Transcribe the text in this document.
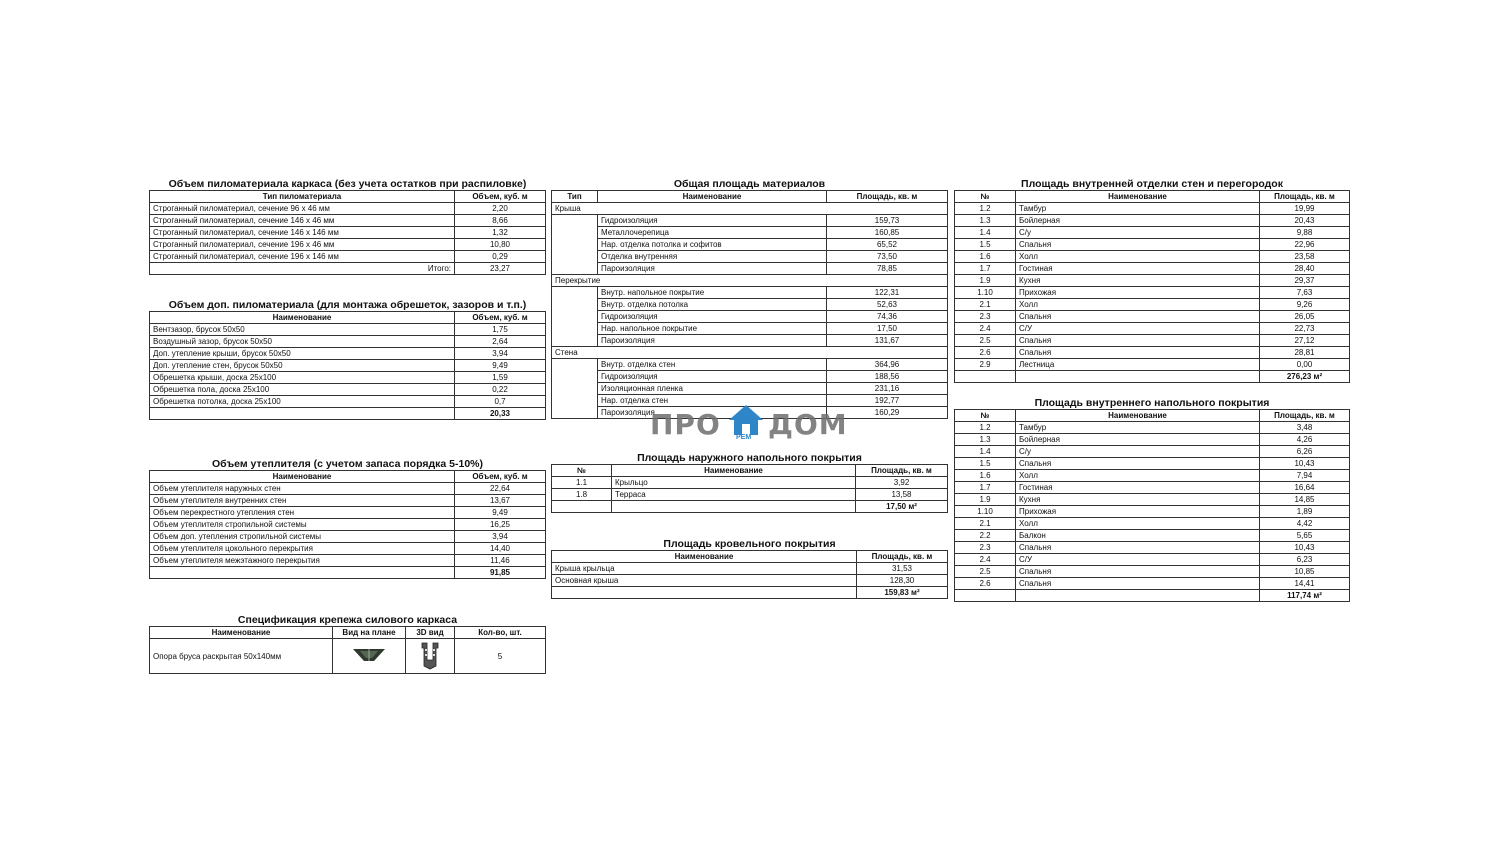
Объем пиломатериала каркаса (без учета остатков при распиловке)
Тип пиломатериала	Объем, куб. м
Строганный пиломатериал, сечение 96 х 46 мм	2,20
Строганный пиломатериал, сечение 146 х 46 мм	8,66
Строганный пиломатериал, сечение 146 х 146 мм	1,32
Строганный пиломатериал, сечение 196 х 46 мм	10,80
Строганный пиломатериал, сечение 196 х 146 мм	0,29
Итого:	23,27
Объем доп. пиломатериала (для монтажа обрешеток, зазоров и т.п.)
Наименование	Объем, куб. м
Вентзазор, брусок 50х50	1,75
Воздушный зазор, брусок 50х50	2,64
Доп. утепление крыши, брусок 50х50	3,94
Доп. утепление стен, брусок 50х50	9,49
Обрешетка крыши, доска 25х100	1,59
Обрешетка пола, доска 25х100	0,22
Обрешетка потолка, доска 25х100	0,7
	20,33
Объем утеплителя (с учетом запаса порядка 5-10%)
Наименование	Объем, куб. м
Объем утеплителя наружных стен	22,64
Объем утеплителя внутренних стен	13,67
Объем перекрестного утепления стен	9,49
Объем утеплителя стропильной системы	16,25
Объем доп. утепления стропильной системы	3,94
Объем утеплителя цокольного перекрытия	14,40
Объем утеплителя межэтажного перекрытия	11,46
	91,85
Спецификация крепежа силового каркаса
Наименование	Вид на плане	3D вид	Кол-во, шт.
Опора бруса раскрытая 50х140мм			5
Общая площадь материалов
Тип	Наименование	Площадь, кв. м
Крыша		
	Гидроизоляция	159,73
	Металлочерепица	160,85
	Нар. отделка потолка и софитов	65,52
	Отделка внутренняя	73,50
	Пароизоляция	78,85
Перекрытие		
	Внутр. напольное покрытие	122,31
	Внутр. отделка потолка	52,63
	Гидроизоляция	74,36
	Нар. напольное покрытие	17,50
	Пароизоляция	131,67
Стена		
	Внутр. отделка стен	364,96
	Гидроизоляция	188,56
	Изоляционная пленка	231,16
	Нар. отделка стен	192,77
	Пароизоляция	160,29
ПРО ДОМ
РЕМ
Площадь наружного напольного покрытия
№	Наименование	Площадь, кв. м
1.1	Крыльцо	3,92
1.8	Терраса	13,58
		17,50 м²
Площадь кровельного покрытия
Наименование	Площадь, кв. м
Крыша крыльца	31,53
Основная крыша	128,30
	159,83 м²
Площадь внутренней отделки стен и перегородок
№	Наименование	Площадь, кв. м
1.2	Тамбур	19,99
1.3	Бойлерная	20,43
1.4	С/у	9,88
1.5	Спальня	22,96
1.6	Холл	23,58
1.7	Гостиная	28,40
1.9	Кухня	29,37
1.10	Прихожая	7,63
2.1	Холл	9,26
2.3	Спальня	26,05
2.4	С/У	22,73
2.5	Спальня	27,12
2.6	Спальня	28,81
2.9	Лестница	0,00
		276,23 м²
Площадь внутреннего напольного покрытия
№	Наименование	Площадь, кв. м
1.2	Тамбур	3,48
1.3	Бойлерная	4,26
1.4	С/у	6,26
1.5	Спальня	10,43
1.6	Холл	7,94
1.7	Гостиная	16,64
1.9	Кухня	14,85
1.10	Прихожая	1,89
2.1	Холл	4,42
2.2	Балкон	5,65
2.3	Спальня	10,43
2.4	С/У	6,23
2.5	Спальня	10,85
2.6	Спальня	14,41
		117,74 м²
